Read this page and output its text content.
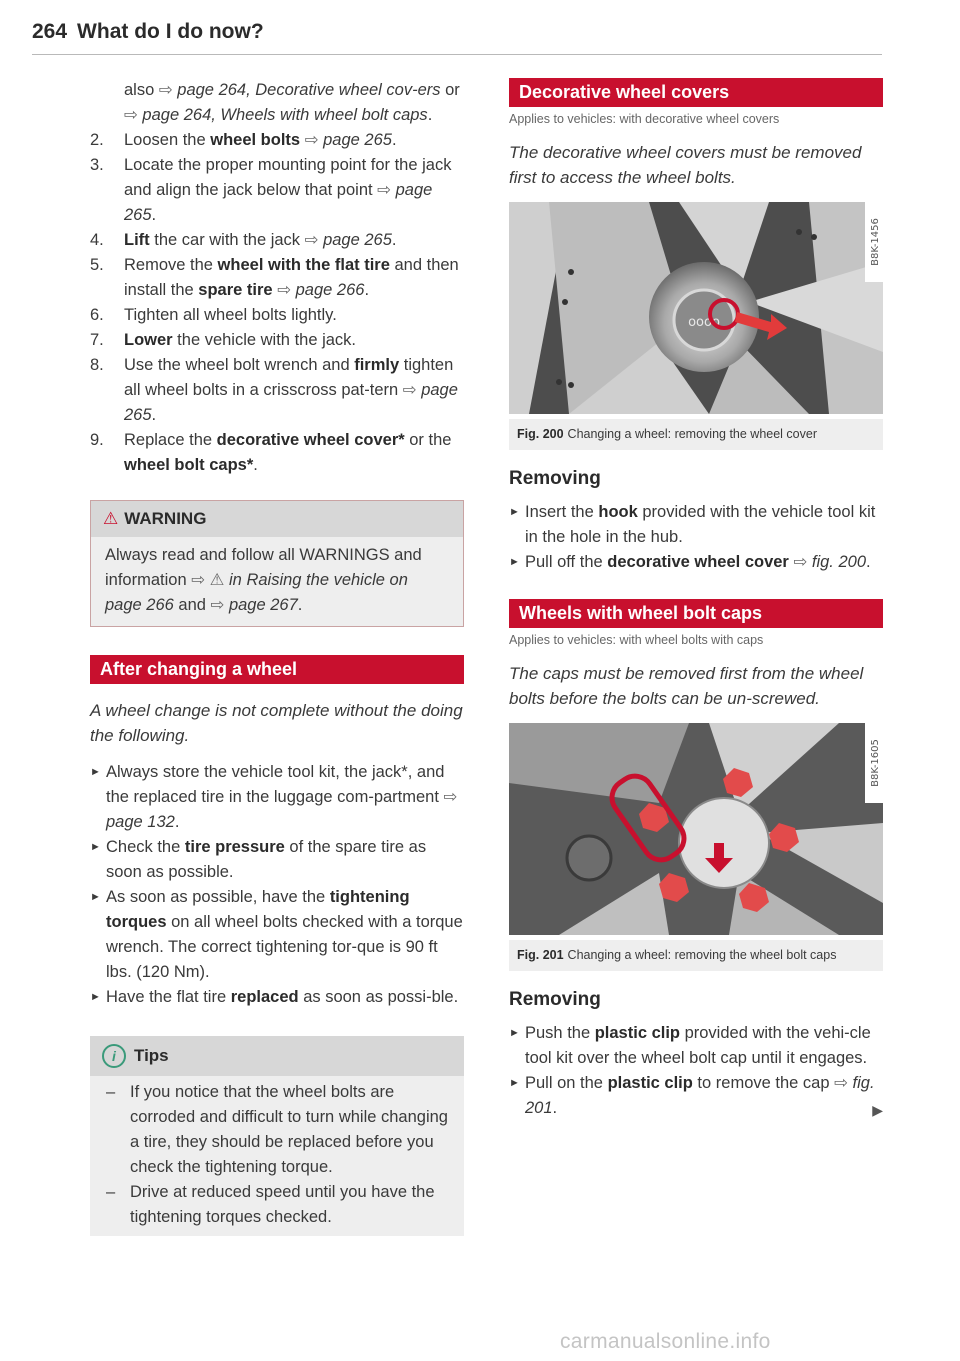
264 What do I do now?
also ⇨ page 264, Decorative wheel cov-ers or ⇨ page 264, Wheels with wheel bolt caps.
2. Loosen the wheel bolts ⇨ page 265.
3. Locate the proper mounting point for the jack and align the jack below that point ⇨ page 265.
4. Lift the car with the jack ⇨ page 265.
5. Remove the wheel with the flat tire and then install the spare tire ⇨ page 266.
6. Tighten all wheel bolts lightly.
7. Lower the vehicle with the jack.
8. Use the wheel bolt wrench and firmly tighten all wheel bolts in a crisscross pat-tern ⇨ page 265.
9. Replace the decorative wheel cover* or the wheel bolt caps*.
⚠ WARNING
Always read and follow all WARNINGS and information ⇨ ⚠ in Raising the vehicle on page 266 and ⇨ page 267.
After changing a wheel
A wheel change is not complete without the doing the following.
► Always store the vehicle tool kit, the jack*, and the replaced tire in the luggage com-partment ⇨ page 132.
► Check the tire pressure of the spare tire as soon as possible.
► As soon as possible, have the tightening torques on all wheel bolts checked with a torque wrench. The correct tightening tor-que is 90 ft lbs. (120 Nm).
► Have the flat tire replaced as soon as possi-ble.
i Tips
– If you notice that the wheel bolts are corroded and difficult to turn while changing a tire, they should be replaced before you check the tightening torque.
– Drive at reduced speed until you have the tightening torques checked.
Decorative wheel covers
Applies to vehicles: with decorative wheel covers
The decorative wheel covers must be removed first to access the wheel bolts.
oooo
B8K-1456
Fig. 200 Changing a wheel: removing the wheel cover
Removing
► Insert the hook provided with the vehicle tool kit in the hole in the hub.
► Pull off the decorative wheel cover ⇨ fig. 200.
Wheels with wheel bolt caps
Applies to vehicles: with wheel bolts with caps
The caps must be removed first from the wheel bolts before the bolts can be un-screwed.
B8K-1605
Fig. 201 Changing a wheel: removing the wheel bolt caps
Removing
► Push the plastic clip provided with the vehi-cle tool kit over the wheel bolt cap until it engages.
► Pull on the plastic clip to remove the cap ⇨ fig. 201.	▶
carmanualsonline.info
